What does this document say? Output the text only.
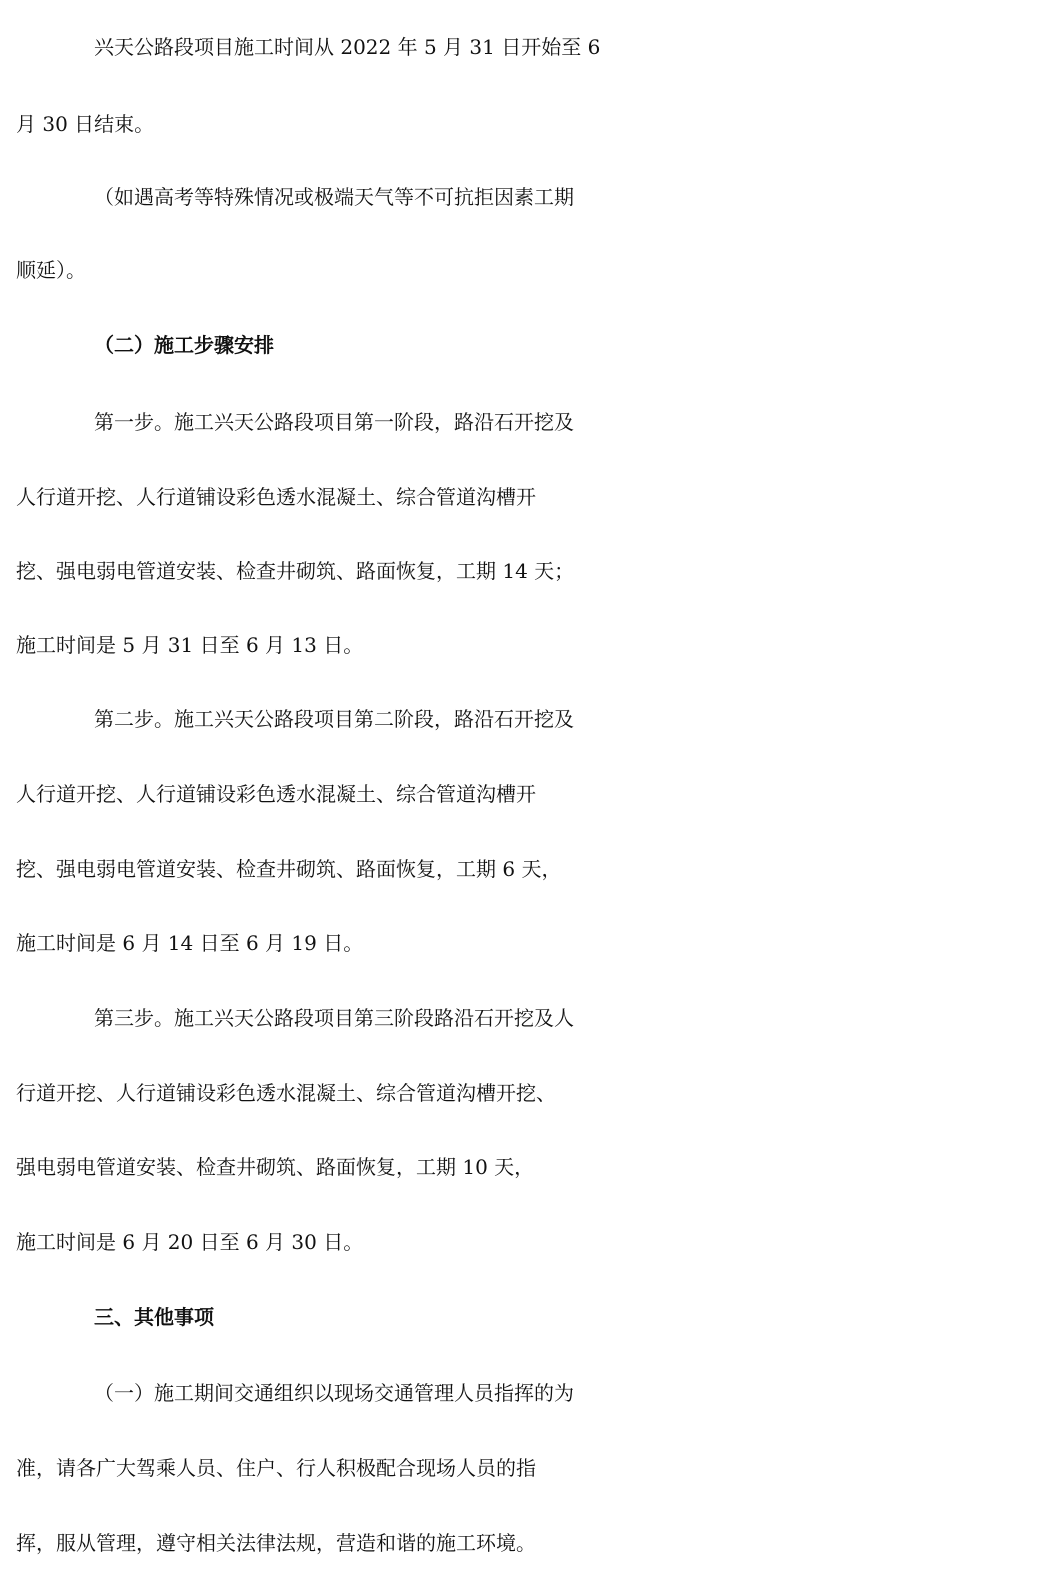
兴天公路段项目施工时间从 2022 年 5 月 31 日开始至 6
月 30 日结束。
（如遇高考等特殊情况或极端天气等不可抗拒因素工期
顺延）。
（二）施工步骤安排
第一步。施工兴天公路段项目第一阶段，路沿石开挖及
人行道开挖、人行道铺设彩色透水混凝土、综合管道沟槽开
挖、强电弱电管道安装、检查井砌筑、路面恢复，工期 14 天；
施工时间是 5 月 31 日至 6 月 13 日。
第二步。施工兴天公路段项目第二阶段，路沿石开挖及
人行道开挖、人行道铺设彩色透水混凝土、综合管道沟槽开
挖、强电弱电管道安装、检查井砌筑、路面恢复，工期 6 天，
施工时间是 6 月 14 日至 6 月 19 日。
第三步。施工兴天公路段项目第三阶段路沿石开挖及人
行道开挖、人行道铺设彩色透水混凝土、综合管道沟槽开挖、
强电弱电管道安装、检查井砌筑、路面恢复，工期 10 天，
施工时间是 6 月 20 日至 6 月 30 日。
三、其他事项
（一）施工期间交通组织以现场交通管理人员指挥的为
准，请各广大驾乘人员、住户、行人积极配合现场人员的指
挥，服从管理，遵守相关法律法规，营造和谐的施工环境。
